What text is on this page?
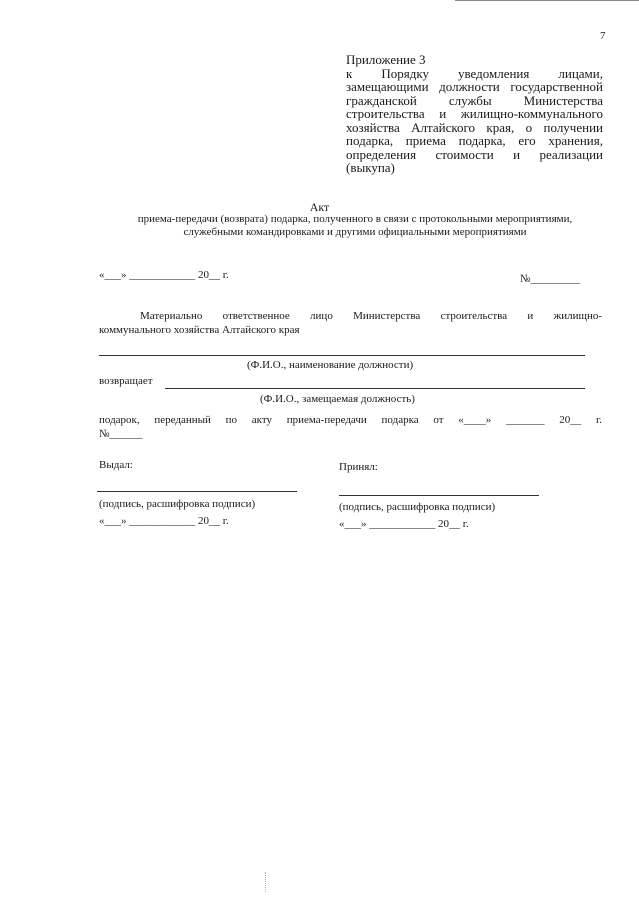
7
Приложение 3
к Порядку уведомления лицами, замещающими должности государственной гражданской службы Министерства строительства и жилищно-коммунального хозяйства Алтайского края, о получении подарка, приема подарка, его хранения, определения стоимости и реализации (выкупа)
Акт
приема-передачи (возврата) подарка, полученного в связи с протокольными мероприятиями, служебными командировками и другими официальными мероприятиями
«___» ____________ 20__ г.	№_________
Материально ответственное лицо Министерства строительства и жилищно-
коммунального хозяйства Алтайского края
(Ф.И.О., наименование должности)
возвращает
(Ф.И.О., замещаемая должность)
подарок, переданный по акту приема-передачи подарка от «____» _______ 20__ г.
№______
Выдал:
(подпись, расшифровка подписи)
«___» ____________ 20__ г.
Принял:
(подпись, расшифровка подписи)
«___» ____________ 20__ г.
